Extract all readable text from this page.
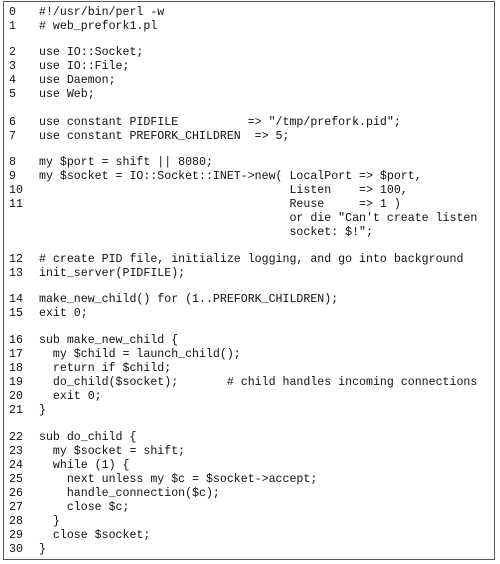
0	#!/usr/bin/perl -w
1	# web_prefork1.pl
2	use IO::Socket;
3	use IO::File;
4	use Daemon;
5	use Web;
6	use constant PIDFILE          => "/tmp/prefork.pid";
7	use constant PREFORK_CHILDREN  => 5;
8	my $port = shift || 8080;
9	my $socket = IO::Socket::INET->new( LocalPort => $port,
10	Listen    => 100,
11	Reuse     => 1 )
or die "Can't create listen
socket: $!";
12	# create PID file, initialize logging, and go into background
13	init_server(PIDFILE);
14	make_new_child() for (1..PREFORK_CHILDREN);
15	exit 0;
16	sub make_new_child {
17	my $child = launch_child();
18	return if $child;
19	do_child($socket);       # child handles incoming connections
20	exit 0;
21	}
22	sub do_child {
23	my $socket = shift;
24	while (1) {
25	next unless my $c = $socket->accept;
26	handle_connection($c);
27	close $c;
28	}
29	close $socket;
30	}
